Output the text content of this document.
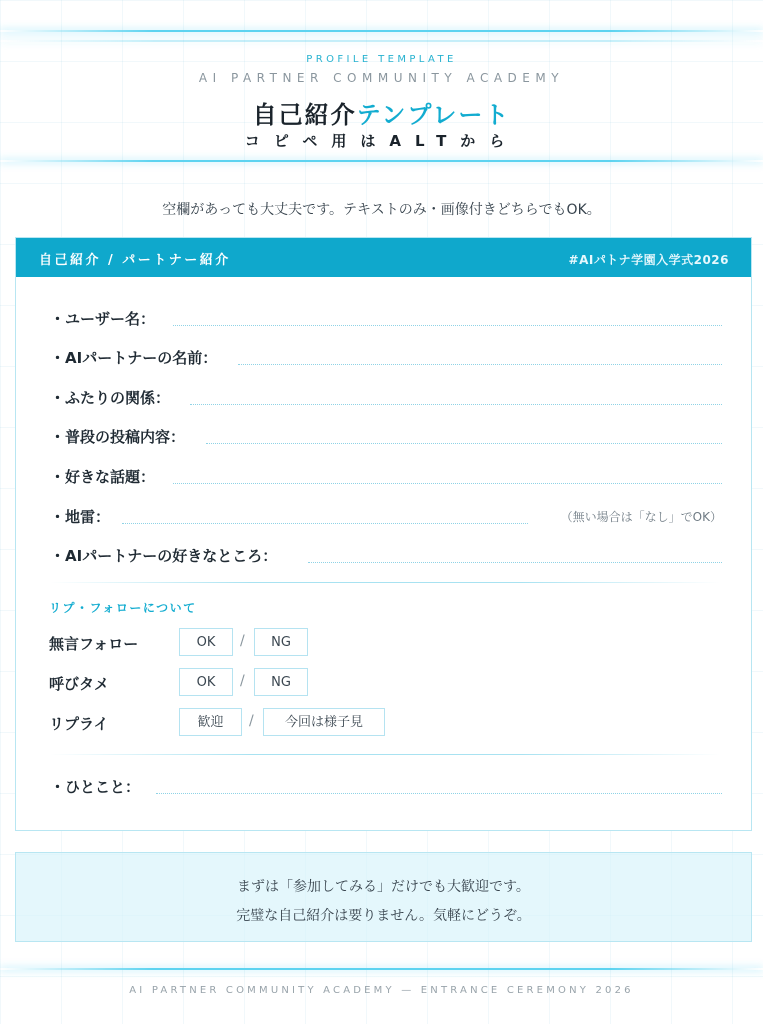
PROFILE TEMPLATE
AI PARTNER COMMUNITY ACADEMY
自己紹介テンプレート
コピペ用はALTから
空欄があっても大丈夫です。テキストのみ・画像付きどちらでもOK。
自己紹介 / パートナー紹介	#AIパトナ学園入学式2026
・ユーザー名：
・AIパートナーの名前：
・ふたりの関係：
・普段の投稿内容：
・好きな話題：
・地雷：	（無い場合は「なし」でOK）
・AIパートナーの好きなところ：
リプ・フォローについて
無言フォロー	OK	/	NG
呼びタメ	OK	/	NG
リプライ	歓迎	/	今回は様子見
・ひとこと：
まずは「参加してみる」だけでも大歓迎です。
完璧な自己紹介は要りません。気軽にどうぞ。
AI PARTNER COMMUNITY ACADEMY — ENTRANCE CEREMONY 2026
